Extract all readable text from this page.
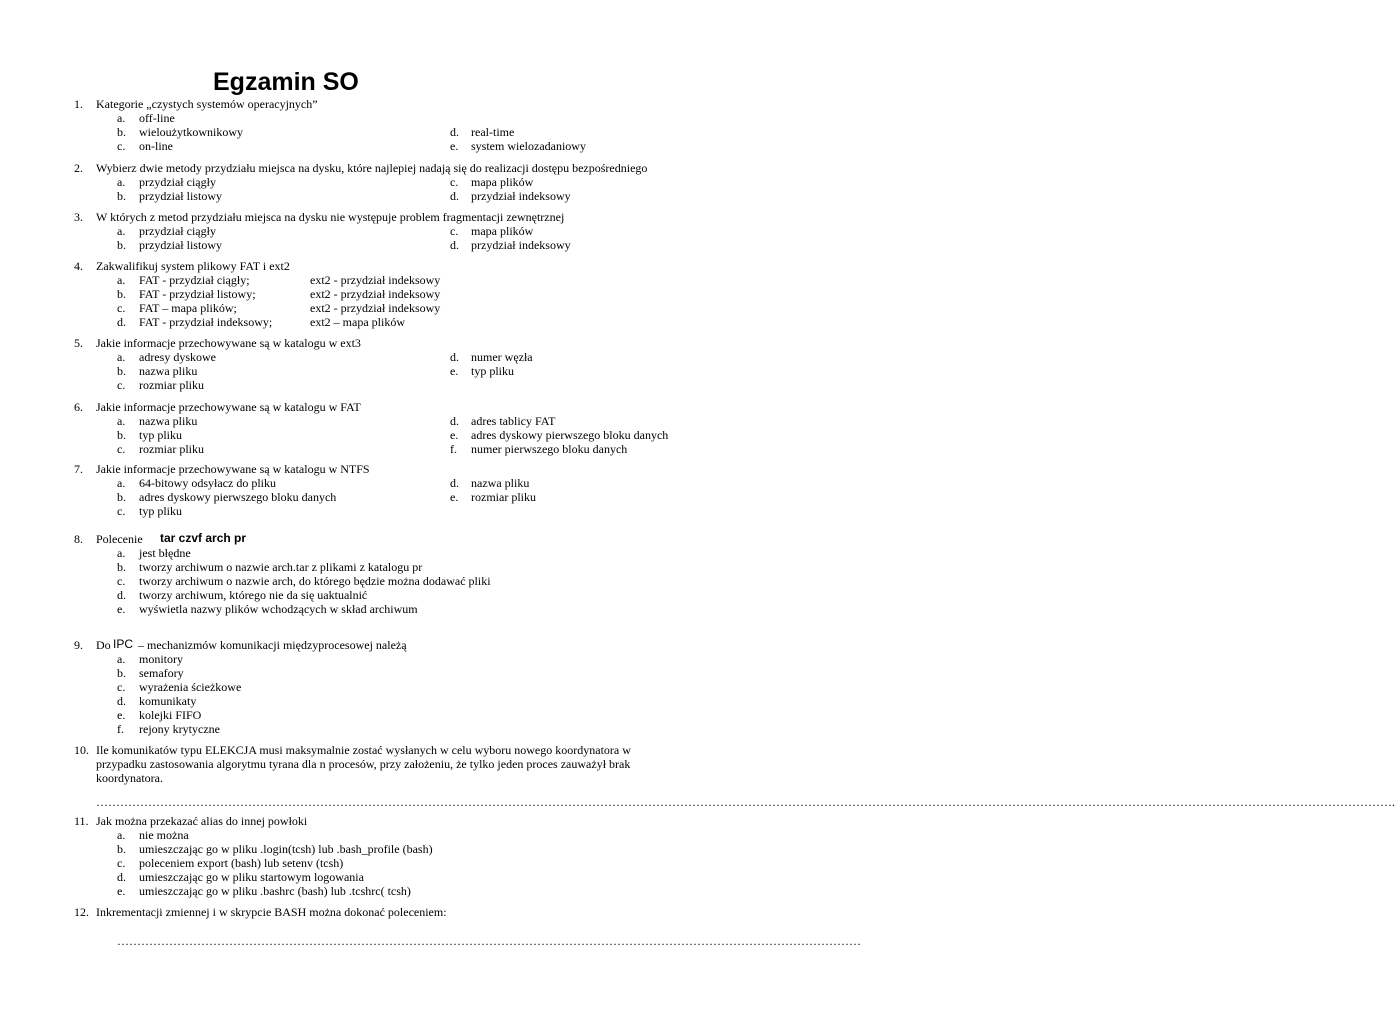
Egzamin SO
1. Kategorie „czystych systemów operacyjnych”
a. off-line
b. wieloużytkownikowy
c. on-line
d. real-time
e. system wielozadaniowy
2. Wybierz dwie metody przydziału miejsca na dysku, które najlepiej nadają się do realizacji dostępu bezpośredniego
a. przydział ciągły
b. przydział listowy
c. mapa plików
d. przydział indeksowy
3. W których z metod przydziału miejsca na dysku nie występuje problem fragmentacji zewnętrznej
a. przydział ciągły
b. przydział listowy
c. mapa plików
d. przydział indeksowy
4. Zakwalifikuj system plikowy FAT i ext2
a. FAT - przydział ciągły;	ext2 - przydział indeksowy
b. FAT - przydział listowy;	ext2 - przydział indeksowy
c. FAT – mapa plików;	ext2 - przydział indeksowy
d. FAT - przydział indeksowy;	ext2 – mapa plików
5. Jakie informacje przechowywane są w katalogu w ext3
a. adresy dyskowe
b. nazwa pliku
c. rozmiar pliku
d. numer węzła
e. typ pliku
6. Jakie informacje przechowywane są w katalogu w FAT
a. nazwa pliku
b. typ pliku
c. rozmiar pliku
d. adres tablicy FAT
e. adres dyskowy pierwszego bloku danych
f. numer pierwszego bloku danych
7. Jakie informacje przechowywane są w katalogu w NTFS
a. 64-bitowy odsyłacz do pliku
b. adres dyskowy pierwszego bloku danych
c. typ pliku
d. nazwa pliku
e. rozmiar pliku
8. Polecenie tar czvf arch pr
a. jest błędne
b. tworzy archiwum o nazwie arch.tar z plikami z katalogu pr
c. tworzy archiwum o nazwie arch, do którego będzie można dodawać pliki
d. tworzy archiwum, którego nie da się uaktualnić
e. wyświetla nazwy plików wchodzących w skład archiwum
9. Do IPC – mechanizmów komunikacji międzyprocesowej należą
a. monitory
b. semafory
c. wyrażenia ścieżkowe
d. komunikaty
e. kolejki FIFO
f. rejony krytyczne
10. Ile komunikatów typu ELEKCJA musi maksymalnie zostać wysłanych w celu wyboru nowego koordynatora w
przypadku zastosowania algorytmu tyrana dla n procesów, przy założeniu, że tylko jeden proces zauważył brak
koordynatora.
……………………………………………………………………………………………………………………………………………………………………………………………………………………………………………………………………………………………….
11. Jak można przekazać alias do innej powłoki
a. nie można
b. umieszczając go w pliku .login(tcsh) lub .bash_profile (bash)
c. poleceniem export (bash) lub setenv (tcsh)
d. umieszczając go w pliku startowym logowania
e. umieszczając go w pliku .bashrc (bash) lub .tcshrc( tcsh)
12. Inkrementacji zmiennej i w skrypcie BASH można dokonać poleceniem:
……………………………………………………………………………………………………………………………………………………………………
